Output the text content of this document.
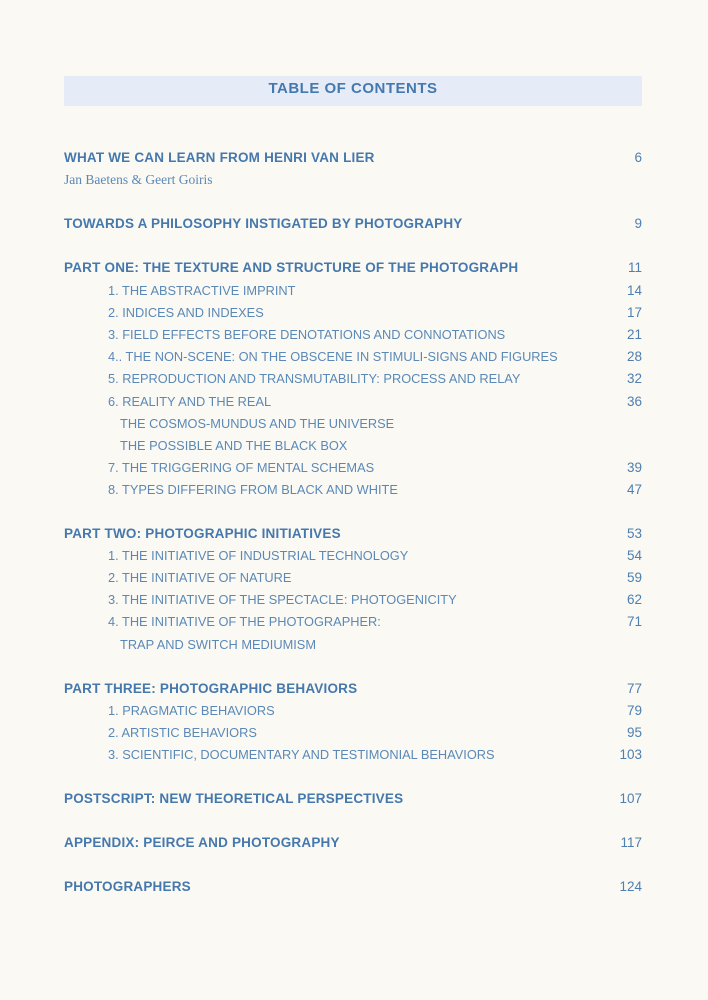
TABLE OF CONTENTS
Jan Baetens & Geert Goiris
WHAT WE CAN LEARN FROM HENRI VAN LIER	6
TOWARDS A PHILOSOPHY INSTIGATED BY PHOTOGRAPHY	9
PART ONE: THE TEXTURE AND STRUCTURE OF THE PHOTOGRAPH	11
1. THE ABSTRACTIVE IMPRINT	14
2. INDICES AND INDEXES	17
3. FIELD EFFECTS BEFORE DENOTATIONS AND CONNOTATIONS	21
4.. THE NON-SCENE: ON THE OBSCENE IN STIMULI-SIGNS AND FIGURES	28
5. REPRODUCTION AND TRANSMUTABILITY: PROCESS AND RELAY	32
6. REALITY AND THE REAL	36
THE COSMOS-MUNDUS AND THE UNIVERSE
THE POSSIBLE AND THE BLACK BOX
7. THE TRIGGERING OF MENTAL SCHEMAS	39
8. TYPES DIFFERING FROM BLACK AND WHITE	47
PART TWO: PHOTOGRAPHIC INITIATIVES	53
1. THE INITIATIVE OF INDUSTRIAL TECHNOLOGY	54
2. THE INITIATIVE OF NATURE	59
3. THE INITIATIVE OF THE SPECTACLE: PHOTOGENICITY	62
4. THE INITIATIVE OF THE PHOTOGRAPHER:	71
TRAP AND SWITCH MEDIUMISM
PART THREE: PHOTOGRAPHIC BEHAVIORS	77
1. PRAGMATIC BEHAVIORS	79
2. ARTISTIC BEHAVIORS	95
3. SCIENTIFIC, DOCUMENTARY AND TESTIMONIAL BEHAVIORS	103
POSTSCRIPT: NEW THEORETICAL PERSPECTIVES	107
APPENDIX: PEIRCE AND PHOTOGRAPHY	117
PHOTOGRAPHERS	124
